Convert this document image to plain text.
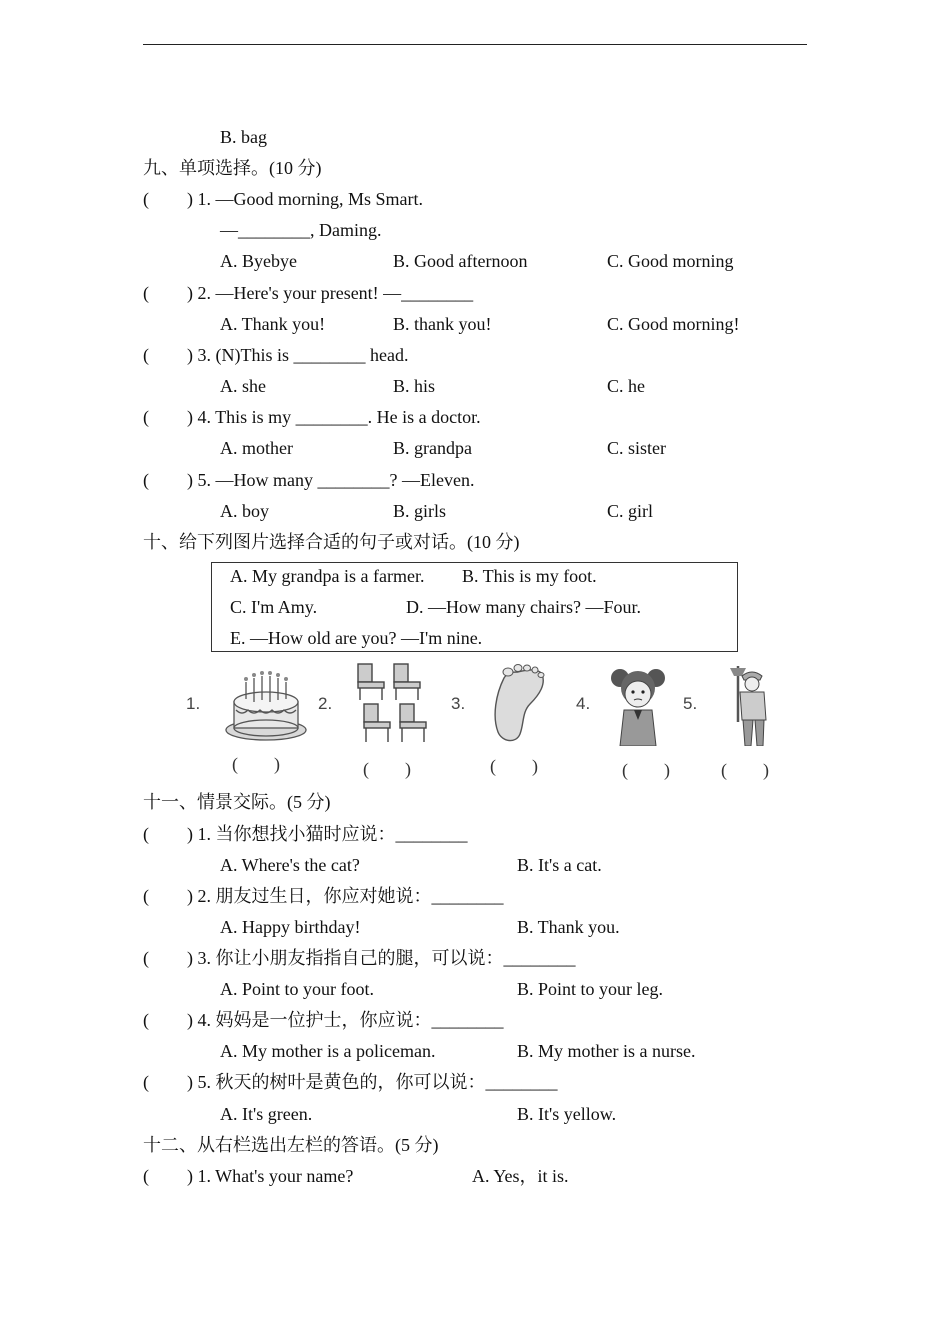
B. bag
九、单项选择。(10 分)
( ) 1. —Good morning, Ms Smart.
—________, Daming.
A. Byebye	B. Good afternoon	C. Good morning
( ) 2. —Here's your present! —________
A. Thank you!	B. thank you!	C. Good morning!
( ) 3. (N)This is ________ head.
A. she	B. his	C. he
( ) 4. This is my ________. He is a doctor.
A. mother	B. grandpa	C. sister
( ) 5. —How many ________? —Eleven.
A. boy	B. girls	C. girl
十、给下列图片选择合适的句子或对话。(10 分)
A. My grandpa is a farmer. B. This is my foot.
C. I'm Amy.	D. —How many chairs? —Four.
E. —How old are you? —I'm nine.
1.
(　　)
2.
(　　)
3.
(　　)
4.
(　　)
5.
(　　)
十一、情景交际。(5 分)
( ) 1. 当你想找小猫时应说：________
A. Where's the cat?	B. It's a cat.
( ) 2. 朋友过生日，你应对她说：________
A. Happy birthday!	B. Thank you.
( ) 3. 你让小朋友指指自己的腿，可以说：________
A. Point to your foot.	B. Point to your leg.
( ) 4. 妈妈是一位护士，你应说：________
A. My mother is a policeman.	B. My mother is a nurse.
( ) 5. 秋天的树叶是黄色的，你可以说：________
A. It's green.	B. It's yellow.
十二、从右栏选出左栏的答语。(5 分)
( ) 1. What's your name?	A. Yes，it is.
